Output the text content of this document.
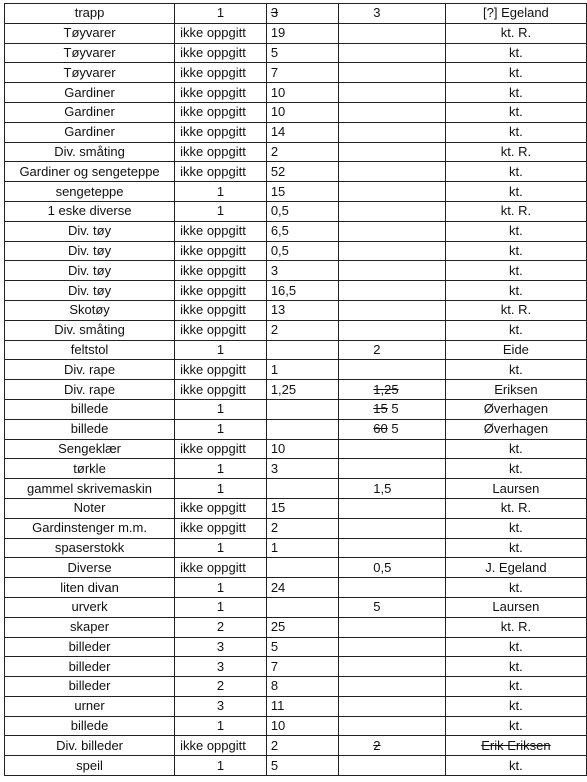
trapp	1	3	3	[?] Egeland
Tøyvarer	ikke oppgitt	19		kt. R.
Tøyvarer	ikke oppgitt	5		kt.
Tøyvarer	ikke oppgitt	7		kt.
Gardiner	ikke oppgitt	10		kt.
Gardiner	ikke oppgitt	10		kt.
Gardiner	ikke oppgitt	14		kt.
Div. småting	ikke oppgitt	2		kt. R.
Gardiner og sengeteppe	ikke oppgitt	52		kt.
sengeteppe	1	15		kt.
1 eske diverse	1	0,5		kt. R.
Div. tøy	ikke oppgitt	6,5		kt.
Div. tøy	ikke oppgitt	0,5		kt.
Div. tøy	ikke oppgitt	3		kt.
Div. tøy	ikke oppgitt	16,5		kt.
Skotøy	ikke oppgitt	13		kt. R.
Div. småting	ikke oppgitt	2		kt.
feltstol	1		2	Eide
Div. rape	ikke oppgitt	1		kt.
Div. rape	ikke oppgitt	1,25	1,25	Eriksen
billede	1		15 5	Øverhagen
billede	1		60 5	Øverhagen
Sengeklær	ikke oppgitt	10		kt.
tørkle	1	3		kt.
gammel skrivemaskin	1		1,5	Laursen
Noter	ikke oppgitt	15		kt. R.
Gardinstenger m.m.	ikke oppgitt	2		kt.
spaserstokk	1	1		kt.
Diverse	ikke oppgitt		0,5	J. Egeland
liten divan	1	24		kt.
urverk	1		5	Laursen
skaper	2	25		kt. R.
billeder	3	5		kt.
billeder	3	7		kt.
billeder	2	8		kt.
urner	3	11		kt.
billede	1	10		kt.
Div. billeder	ikke oppgitt	2	2	Erik Eriksen
speil	1	5		kt.
